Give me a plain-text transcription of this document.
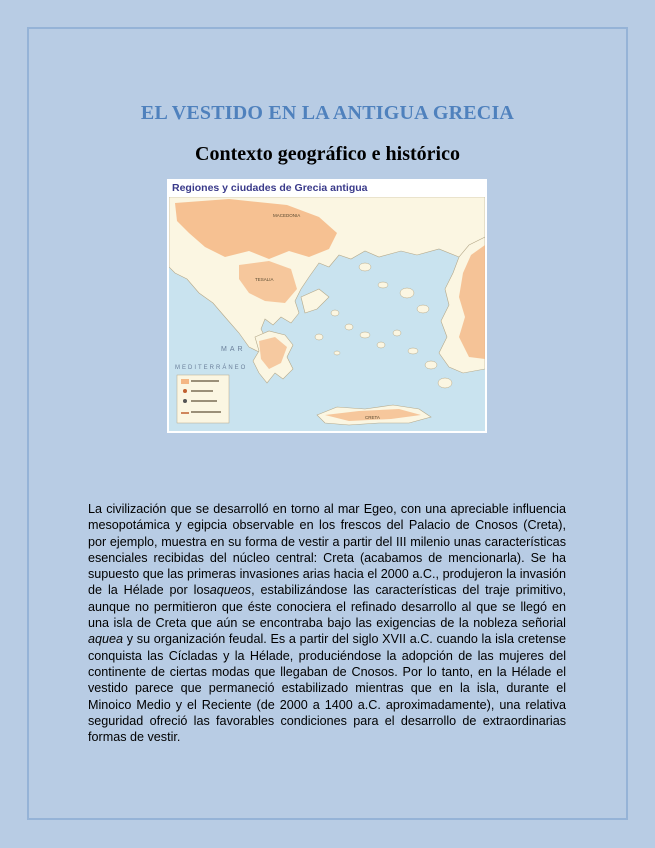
EL VESTIDO EN LA ANTIGUA GRECIA
Contexto geográfico e histórico
Regiones y ciudades de Grecia antigua
MAR
MEDITERRÁNEO
MACEDONIA
TESALIA
CRETA

La civilización que se desarrolló en torno al mar Egeo, con una apreciable influencia mesopotámica y egipcia observable en los frescos del Palacio de Cnosos (Creta), por ejemplo, muestra en su forma de vestir a partir del III milenio unas características esenciales recibidas del núcleo central: Creta (acabamos de mencionarla). Se ha supuesto que las primeras invasiones arias hacia el 2000 a.C., produjeron la invasión de la Hélade por losaqueos, estabilizándose las características del traje primitivo, aunque no permitieron que éste conociera el refinado desarrollo al que se llegó en una isla de Creta que aún se encontraba bajo las exigencias de la nobleza señorial aquea y su organización feudal. Es a partir del siglo XVII a.C. cuando la isla cretense conquista las Cícladas y la Hélade, produciéndose la adopción de las mujeres del continente de ciertas modas que llegaban de Cnosos. Por lo tanto, en la Hélade el vestido parece que permaneció estabilizado mientras que en la isla, durante el Minoico Medio y el Reciente (de 2000 a 1400 a.C. aproximadamente), una relativa seguridad ofreció las favorables condiciones para el desarrollo de extraordinarias formas de vestir.
